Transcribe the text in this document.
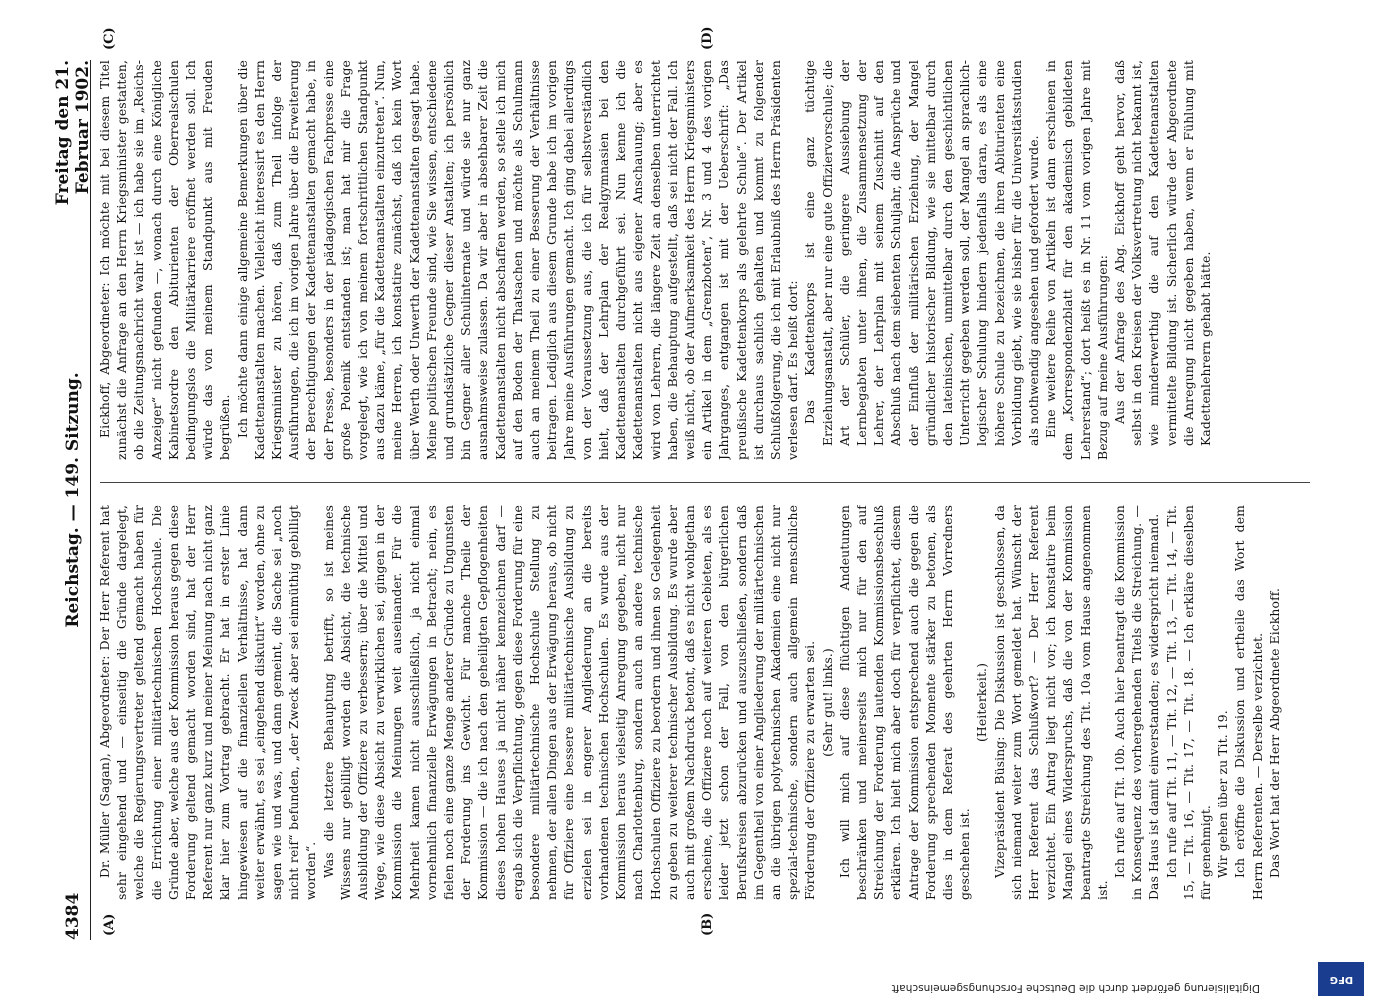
Digitalisierung gefördert durch die Deutsche Forschungsgemeinschaft
DFG
4384
Reichstag. — 149. Sitzung.
Freitag den 21. Februar 1902.
(A)	(B)
(C)	(D)

Dr. Müller (Sagan), Abgeordneter: Der Herr Referent hat sehr eingehend und — einseitig die Gründe dargelegt, welche die Regierungsvertreter geltend gemacht haben für die Errichtung einer militärtechnischen Hochschule. Die Gründe aber, welche aus der Kommission heraus gegen diese Forderung geltend gemacht worden sind, hat der Herr Referent nur ganz kurz und meiner Meinung nach nicht ganz klar hier zum Vortrag gebracht. Er hat in erster Linie hingewiesen auf die finanziellen Verhältnisse, hat dann weiter erwähnt, es sei „eingehend diskutirt“ worden, ohne zu sagen wie und was, und dann gemeint, die Sache sei „noch nicht reif“ befunden, „der Zweck aber sei einmüthig gebilligt worden“. Was die letztere Behauptung betrifft, so ist meines Wissens nur gebilligt worden die Absicht, die technische Ausbildung der Offiziere zu verbessern; über die Mittel und Wege, wie diese Absicht zu verwirklichen sei, gingen in der Kommission die Meinungen weit auseinander. Für die Mehrheit kamen nicht ausschließlich, ja nicht einmal vornehmlich finanzielle Erwägungen in Betracht; nein, es fielen noch eine ganze Menge anderer Gründe zu Ungunsten der Forderung ins Gewicht. Für manche Theile der Kommission — die ich nach den geheiligten Gepflogenheiten dieses hohen Hauses ja nicht näher kennzeichnen darf — ergab sich die Verpflichtung, gegen diese Forderung für eine besondere militärtechnische Hochschule Stellung zu nehmen, der allen Dingen aus der Erwägung heraus, ob nicht für Offiziere eine bessere militärtechnische Ausbildung zu erzielen sei in engerer Angliederung an die bereits vorhandenen technischen Hochschulen. Es wurde aus der Kommission heraus vielseitig Anregung gegeben, nicht nur nach Charlottenburg, sondern auch an andere technische Hochschulen Offiziere zu beordern und ihnen so Gelegenheit zu geben zu weiterer technischer Ausbildung. Es wurde aber auch mit großem Nachdruck betont, daß es nicht wohlgethan erscheine, die Offiziere noch auf weiteren Gebieten, als es leider jetzt schon der Fall, von den bürgerlichen Berufskreisen abzurücken und auszuschließen, sondern daß im Gegentheil von einer Angliederung der militärtechnischen an die übrigen polytechnischen Akademien eine nicht nur spezial-technische, sondern auch allgemein menschliche Förderung der Offiziere zu erwarten sei. (Sehr gut! links.) Ich will mich auf diese flüchtigen Andeutungen beschränken und meinerseits mich nur für den auf Streichung der Forderung lautenden Kommissionsbeschluß erklären. Ich hielt mich aber doch für verpflichtet, diesem Antrage der Kommission entsprechend auch die gegen die Forderung sprechenden Momente stärker zu betonen, als dies in dem Referat des geehrten Herrn Vorredners geschehen ist.

(Heiterkeit.) Vizepräsident Büsing: Die Diskussion ist geschlossen, da sich niemand weiter zum Wort gemeldet hat. Wünscht der Herr Referent das Schlußwort? — Der Herr Referent verzichtet. Ein Antrag liegt nicht vor; ich konstatire beim Mangel eines Widerspruchs, daß die von der Kommission beantragte Streichung des Tit. 10a vom Hause angenommen ist.

Ich rufe auf Tit. 10b. Auch hier beantragt die Kommission in Konsequenz des vorhergehenden Titels die Streichung. — Das Haus ist damit einverstanden; es widerspricht niemand. Ich rufe auf Tit. 11, — Tit. 12, — Tit. 13, — Tit. 14, — Tit. 15, — Tit. 16, — Tit. 17, — Tit. 18. — Ich erkläre dieselben für genehmigt. Wir gehen über zu Tit. 19. Ich eröffne die Diskussion und ertheile das Wort dem Herrn Referenten. — Derselbe verzichtet. Das Wort hat der Herr Abgeordnete Eickhoff.

Eickhoff, Abgeordneter: Ich möchte mit bei diesem Titel zunächst die Anfrage an den Herrn Kriegsminister gestatten, ob die Zeitungsnachricht wahr ist — ich habe sie im „Reichs-Anzeiger“ nicht gefunden —, wonach durch eine Königliche Kabinetsordre den Abiturienten der Oberrealschulen bedingungslos die Militärkarriere eröffnet werden soll. Ich würde das von meinem Standpunkt aus mit Freuden begrüßen. Ich möchte dann einige allgemeine Bemerkungen über die Kadettenanstalten machen. Vielleicht interessirt es den Herrn Kriegsminister zu hören, daß zum Theil infolge der Ausführungen, die ich im vorigen Jahre über die Erweiterung der Berechtigungen der Kadettenanstalten gemacht habe, in der Presse, besonders in der pädagogischen Fachpresse eine große Polemik entstanden ist; man hat mir die Frage vorgelegt, wie ich von meinem fortschrittlichen Standpunkt aus dazu käme, „für die Kadettenanstalten einzutreten“. Nun, meine Herren, ich konstatire zunächst, daß ich kein Wort über Werth oder Unwerth der Kadettenanstalten gesagt habe. Meine politischen Freunde sind, wie Sie wissen, entschiedene und grundsätzliche Gegner dieser Anstalten; ich persönlich bin Gegner aller Schulinternate und würde sie nur ganz ausnahmsweise zulassen. Da wir aber in absehbarer Zeit die Kadettenanstalten nicht abschaffen werden, so stelle ich mich auf den Boden der Thatsachen und möchte als Schulmann auch an meinem Theil zu einer Besserung der Verhältnisse beitragen. Lediglich aus diesem Grunde habe ich im vorigen Jahre meine Ausführungen gemacht. Ich ging dabei allerdings von der Voraussetzung aus, die ich für selbstverständlich hielt, daß der Lehrplan der Realgymnasien bei den Kadettenanstalten durchgeführt sei. Nun kenne ich die Kadettenanstalten nicht aus eigener Anschauung; aber es wird von Lehrern, die längere Zeit an denselben unterrichtet haben, die Behauptung aufgestellt, daß sei nicht der Fall. Ich weiß nicht, ob der Aufmerksamkeit des Herrn Kriegsministers ein Artikel in dem „Grenzboten“, Nr. 3 und 4 des vorigen Jahrganges, entgangen ist mit der Ueberschrift: „Das preußische Kadettenkorps als gelehrte Schule“. Der Artikel ist durchaus sachlich gehalten und kommt zu folgender Schlußfolgerung, die ich mit Erlaubniß des Herrn Präsidenten verlesen darf. Es heißt dort: Das Kadettenkorps ist eine ganz tüchtige Erziehungsanstalt, aber nur eine gute Offiziervorschule; die Art der Schüler, die geringere Aussiebung der Lernbegabten unter ihnen, die Zusammensetzung der Lehrer, der Lehrplan mit seinem Zuschnitt auf den Abschluß nach dem siebenten Schuljahr, die Ansprüche und der Einfluß der militärischen Erziehung, der Mangel gründlicher historischer Bildung, wie sie mittelbar durch den lateinischen, unmittelbar durch den geschichtlichen Unterricht gegeben werden soll, der Mangel an sprachlich-logischer Schulung hindern jedenfalls daran, es als eine höhere Schule zu bezeichnen, die ihren Abiturienten eine Vorbildung giebt, wie sie bisher für die Universitätsstudien als nothwendig angesehen und gefordert wurde. Eine weitere Reihe von Artikeln ist dann erschienen in dem „Korrespondenzblatt für den akademisch gebildeten Lehrerstand“; dort heißt es in Nr. 11 vom vorigen Jahre mit Bezug auf meine Ausführungen: Aus der Anfrage des Abg. Eickhoff geht hervor, daß selbst in den Kreisen der Volksvertretung nicht bekannt ist, wie minderwerthig die auf den Kadettenanstalten vermittelte Bildung ist. Sicherlich würde der Abgeordnete die Anregung nicht gegeben haben, wenn er Fühlung mit Kadettenlehrern gehabt hätte.
